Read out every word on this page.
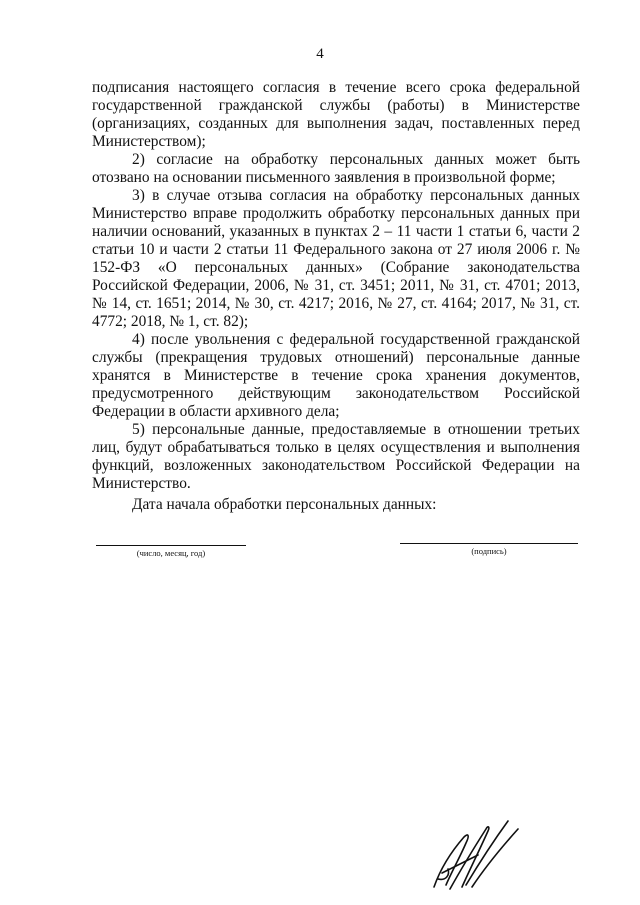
4

подписания настоящего согласия в течение всего срока федеральной государственной гражданской службы (работы) в Министерстве (организациях, созданных для выполнения задач, поставленных перед Министерством);

2) согласие на обработку персональных данных может быть отозвано на основании письменного заявления в произвольной форме;

3) в случае отзыва согласия на обработку персональных данных Министерство вправе продолжить обработку персональных данных при наличии оснований, указанных в пунктах 2 – 11 части 1 статьи 6, части 2 статьи 10 и части 2 статьи 11 Федерального закона от 27 июля 2006 г. № 152-ФЗ «О персональных данных» (Собрание законодательства Российской Федерации, 2006, № 31, ст. 3451; 2011, № 31, ст. 4701; 2013, № 14, ст. 1651; 2014, № 30, ст. 4217; 2016, № 27, ст. 4164; 2017, № 31, ст. 4772; 2018, № 1, ст. 82);

4) после увольнения с федеральной государственной гражданской службы (прекращения трудовых отношений) персональные данные хранятся в Министерстве в течение срока хранения документов, предусмотренного действующим законодательством Российской Федерации в области архивного дела;

5) персональные данные, предоставляемые в отношении третьих лиц, будут обрабатываться только в целях осуществления и выполнения функций, возложенных законодательством Российской Федерации на Министерство.

Дата начала обработки персональных данных:
(число, месяц, год)	(подпись)
